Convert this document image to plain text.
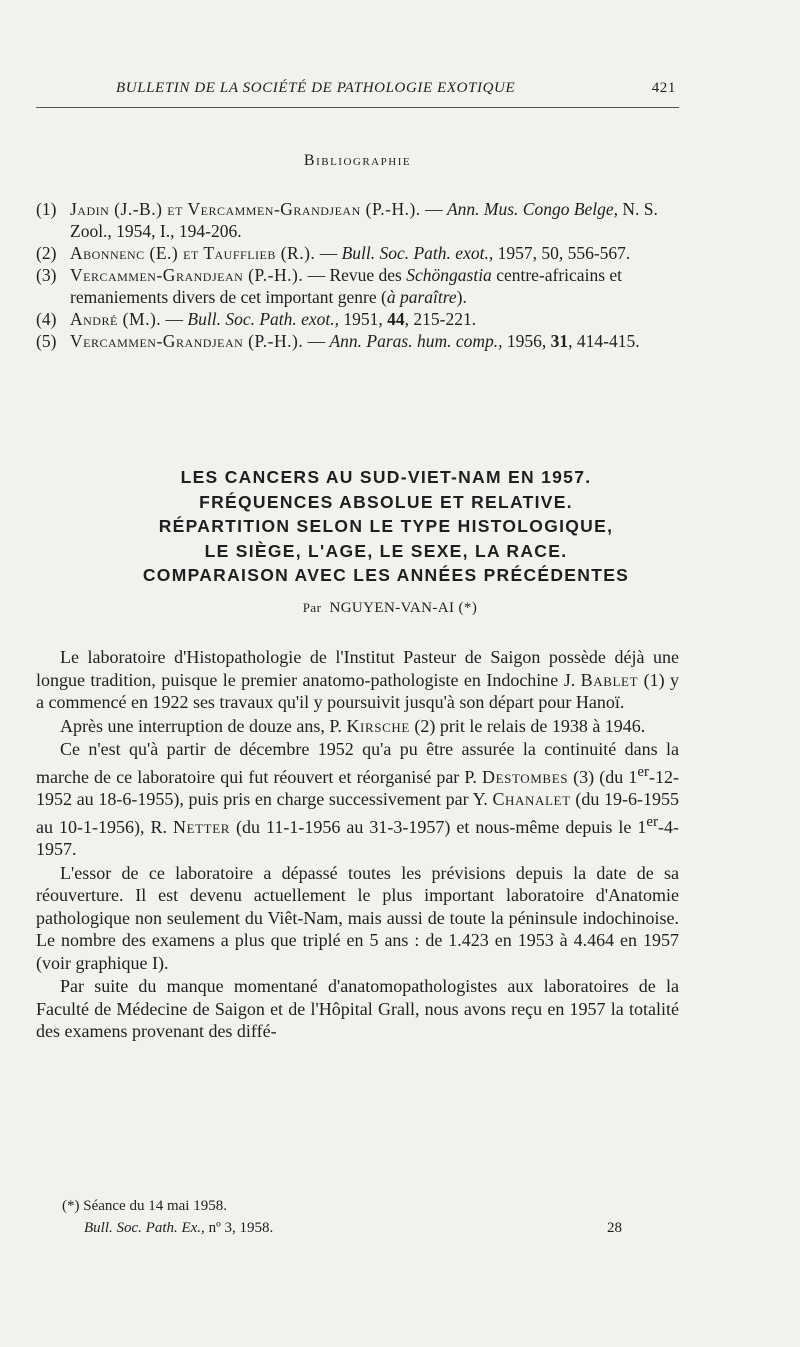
BULLETIN DE LA SOCIÉTÉ DE PATHOLOGIE EXOTIQUE	421
Bibliographie

(1) Jadin (J.-B.) et Vercammen-Grandjean (P.-H.). — Ann. Mus. Congo Belge, N. S. Zool., 1954, I., 194-206.

(2) Abonnenc (E.) et Taufflieb (R.). — Bull. Soc. Path. exot., 1957, 50, 556-567.

(3) Vercammen-Grandjean (P.-H.). — Revue des Schöngastia centre-africains et remaniements divers de cet important genre (à paraître).

(4) André (M.). — Bull. Soc. Path. exot., 1951, 44, 215-221.

(5) Vercammen-Grandjean (P.-H.). — Ann. Paras. hum. comp., 1956, 31, 414-415.

LES CANCERS AU SUD-VIET-NAM EN 1957.
FRÉQUENCES ABSOLUE ET RELATIVE.
RÉPARTITION SELON LE TYPE HISTOLOGIQUE,
LE SIÈGE, L'AGE, LE SEXE, LA RACE.
COMPARAISON AVEC LES ANNÉES PRÉCÉDENTES
Par NGUYEN-VAN-AI (*)

Le laboratoire d'Histopathologie de l'Institut Pasteur de Saigon possède déjà une longue tradition, puisque le premier anatomo-pathologiste en Indochine J. Bablet (1) y a commencé en 1922 ses travaux qu'il y poursuivit jusqu'à son départ pour Hanoï.

Après une interruption de douze ans, P. Kirsche (2) prit le relais de 1938 à 1946.

Ce n'est qu'à partir de décembre 1952 qu'a pu être assurée la continuité dans la marche de ce laboratoire qui fut réouvert et réorganisé par P. Destombes (3) (du 1er-12-1952 au 18-6-1955), puis pris en charge successivement par Y. Chanalet (du 19-6-1955 au 10-1-1956), R. Netter (du 11-1-1956 au 31-3-1957) et nous-même depuis le 1er-4-1957.

L'essor de ce laboratoire a dépassé toutes les prévisions depuis la date de sa réouverture. Il est devenu actuellement le plus important laboratoire d'Anatomie pathologique non seulement du Viêt-Nam, mais aussi de toute la péninsule indochinoise. Le nombre des examens a plus que triplé en 5 ans : de 1.423 en 1953 à 4.464 en 1957 (voir graphique I).

Par suite du manque momentané d'anatomopathologistes aux laboratoires de la Faculté de Médecine de Saigon et de l'Hôpital Grall, nous avons reçu en 1957 la totalité des examens provenant des diffé-

(*) Séance du 14 mai 1958.
Bull. Soc. Path. Ex., nº 3, 1958.	28
